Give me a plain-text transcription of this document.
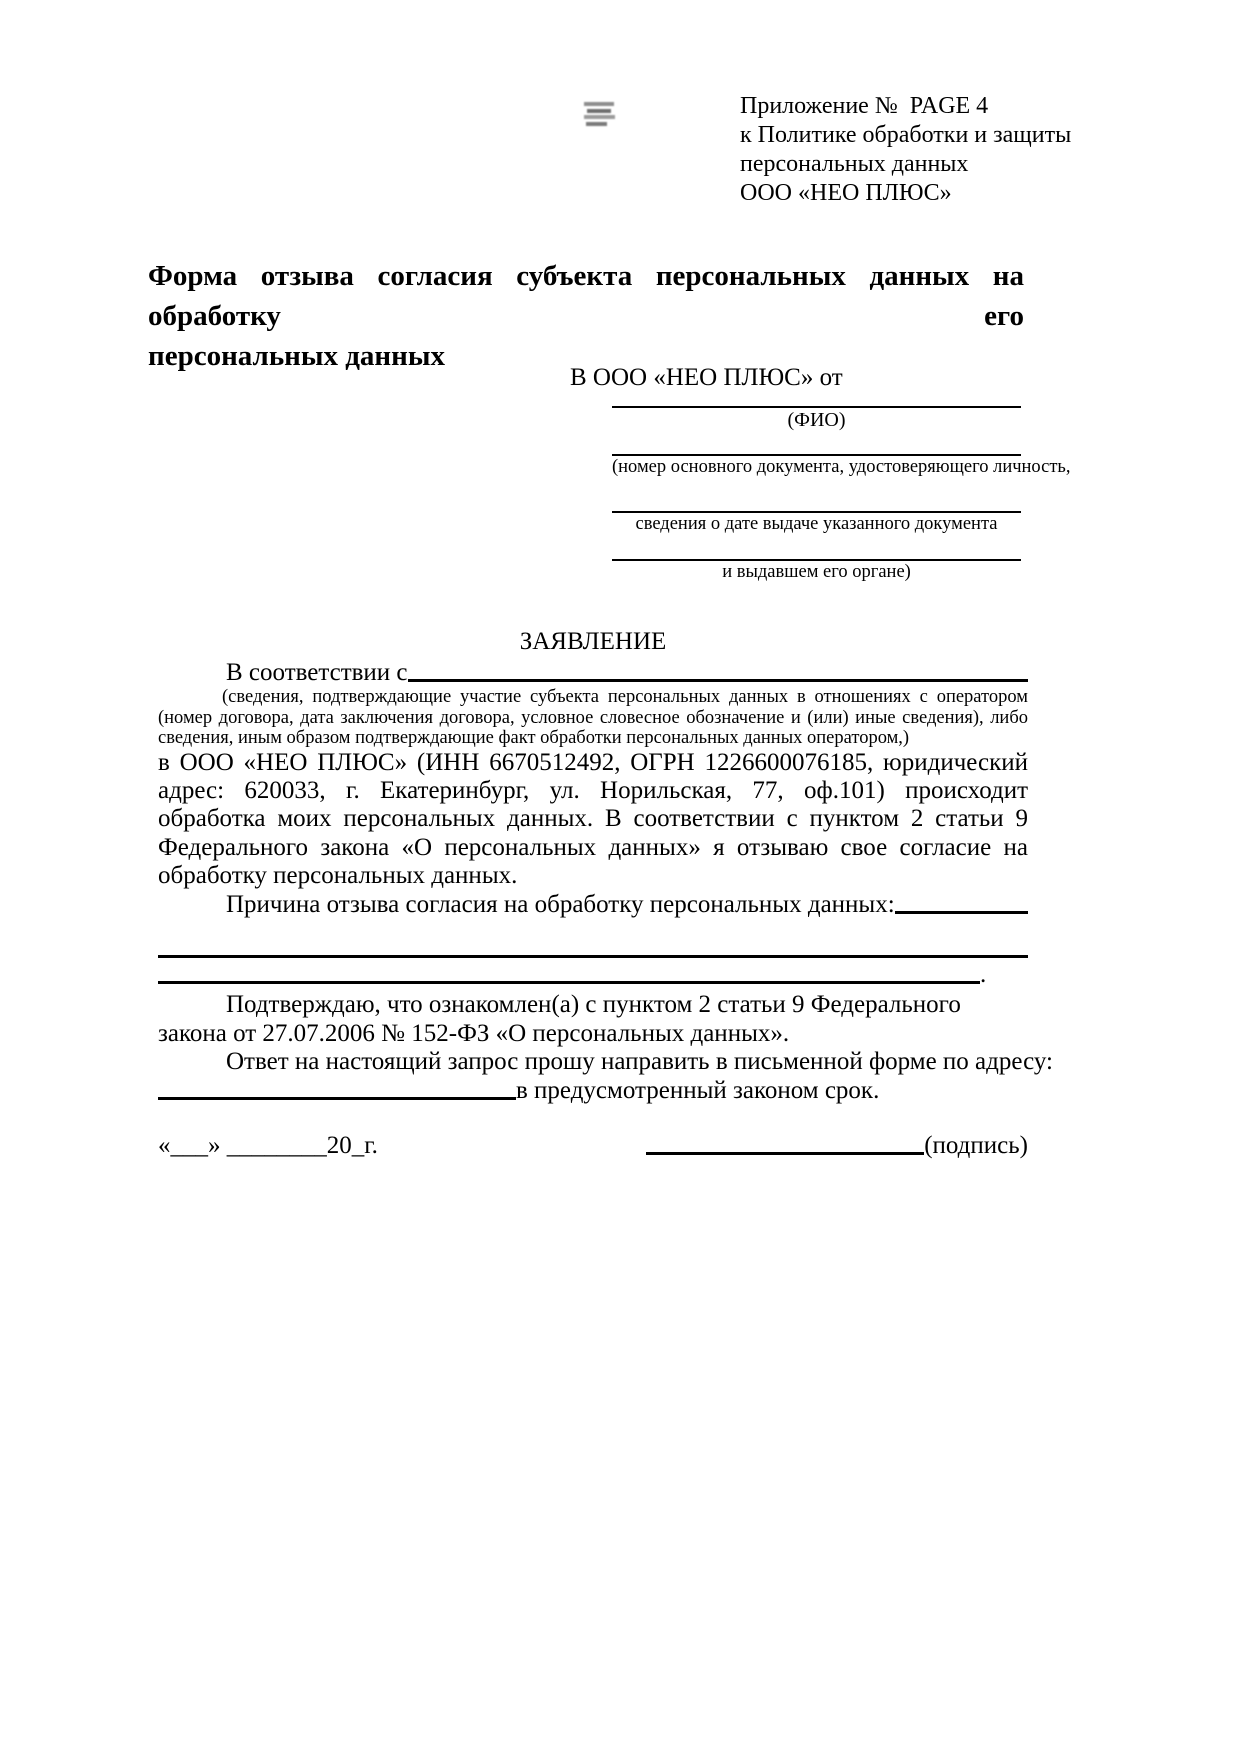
Приложение №  PAGE 4
к Политике обработки и защиты
персональных данных
ООО «НЕО ПЛЮС»
Форма отзыва согласия субъекта персональных данных на обработку его
персональных данных
В ООО «НЕО ПЛЮС» от
(ФИО)
(номер основного документа, удостоверяющего личность,
сведения о дате выдаче указанного документа
и выдавшем его органе)
ЗАЯВЛЕНИЕ
В соответствии с
(сведения, подтверждающие участие субъекта персональных данных в отношениях с оператором (номер договора, дата заключения договора, условное словесное обозначение и (или) иные сведения), либо сведения, иным образом подтверждающие факт обработки персональных данных оператором,)
в ООО «НЕО ПЛЮС» (ИНН 6670512492, ОГРН 1226600076185, юридический адрес: 620033, г. Екатеринбург, ул. Норильская, 77, оф.101) происходит обработка моих персональных данных. В соответствии с пунктом 2 статьи 9 Федерального закона «О персональных данных» я отзываю свое согласие на обработку персональных данных.
Причина отзыва согласия на обработку персональных данных:
.
Подтверждаю, что ознакомлен(а) с пунктом 2 статьи 9 Федерального закона от 27.07.2006 № 152-ФЗ «О персональных данных».
Ответ на настоящий запрос прошу направить в письменной форме по адресу:
в предусмотренный законом срок.
«___» ________20_г.	(подпись)
